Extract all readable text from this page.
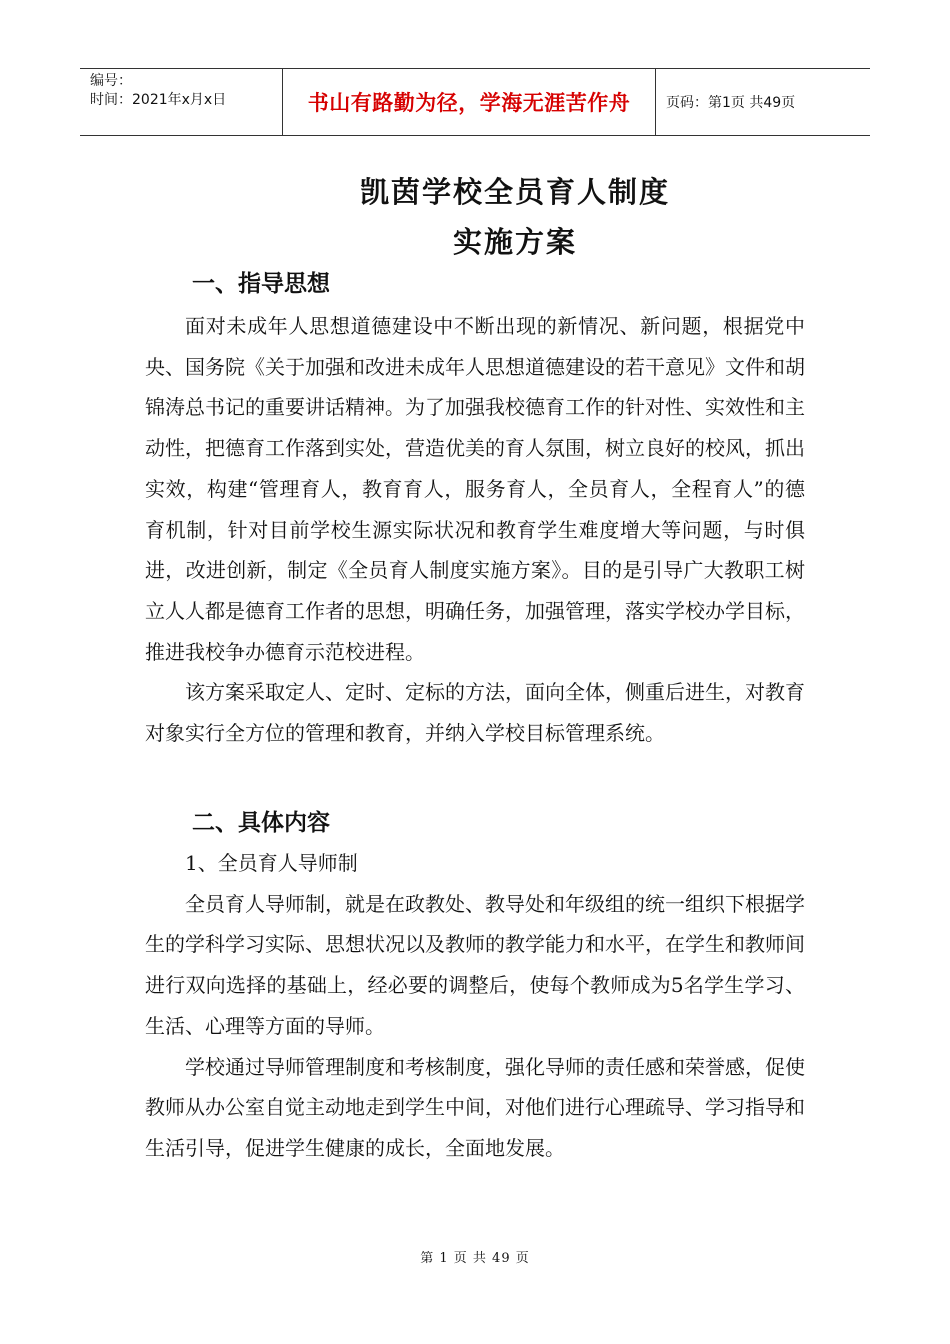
编号：
时间：2021年x月x日	书山有路勤为径，学海无涯苦作舟	页码：第1页 共49页
凯茵学校全员育人制度
实施方案
一、指导思想

面对未成年人思想道德建设中不断出现的新情况、新问题，根据党中央、国务院《关于加强和改进未成年人思想道德建设的若干意见》文件和胡锦涛总书记的重要讲话精神。为了加强我校德育工作的针对性、实效性和主动性，把德育工作落到实处，营造优美的育人氛围，树立良好的校风，抓出实效，构建“管理育人，教育育人，服务育人，全员育人，全程育人”的德育机制，针对目前学校生源实际状况和教育学生难度增大等问题，与时俱进，改进创新，制定《全员育人制度实施方案》。目的是引导广大教职工树立人人都是德育工作者的思想，明确任务，加强管理，落实学校办学目标，推进我校争办德育示范校进程。

该方案采取定人、定时、定标的方法，面向全体，侧重后进生，对教育对象实行全方位的管理和教育，并纳入学校目标管理系统。

二、具体内容

1、全员育人导师制

全员育人导师制，就是在政教处、教导处和年级组的统一组织下根据学生的学科学习实际、思想状况以及教师的教学能力和水平，在学生和教师间进行双向选择的基础上，经必要的调整后，使每个教师成为5名学生学习、生活、心理等方面的导师。

学校通过导师管理制度和考核制度，强化导师的责任感和荣誉感，促使教师从办公室自觉主动地走到学生中间，对他们进行心理疏导、学习指导和生活引导，促进学生健康的成长，全面地发展。

第 1 页 共 49 页
